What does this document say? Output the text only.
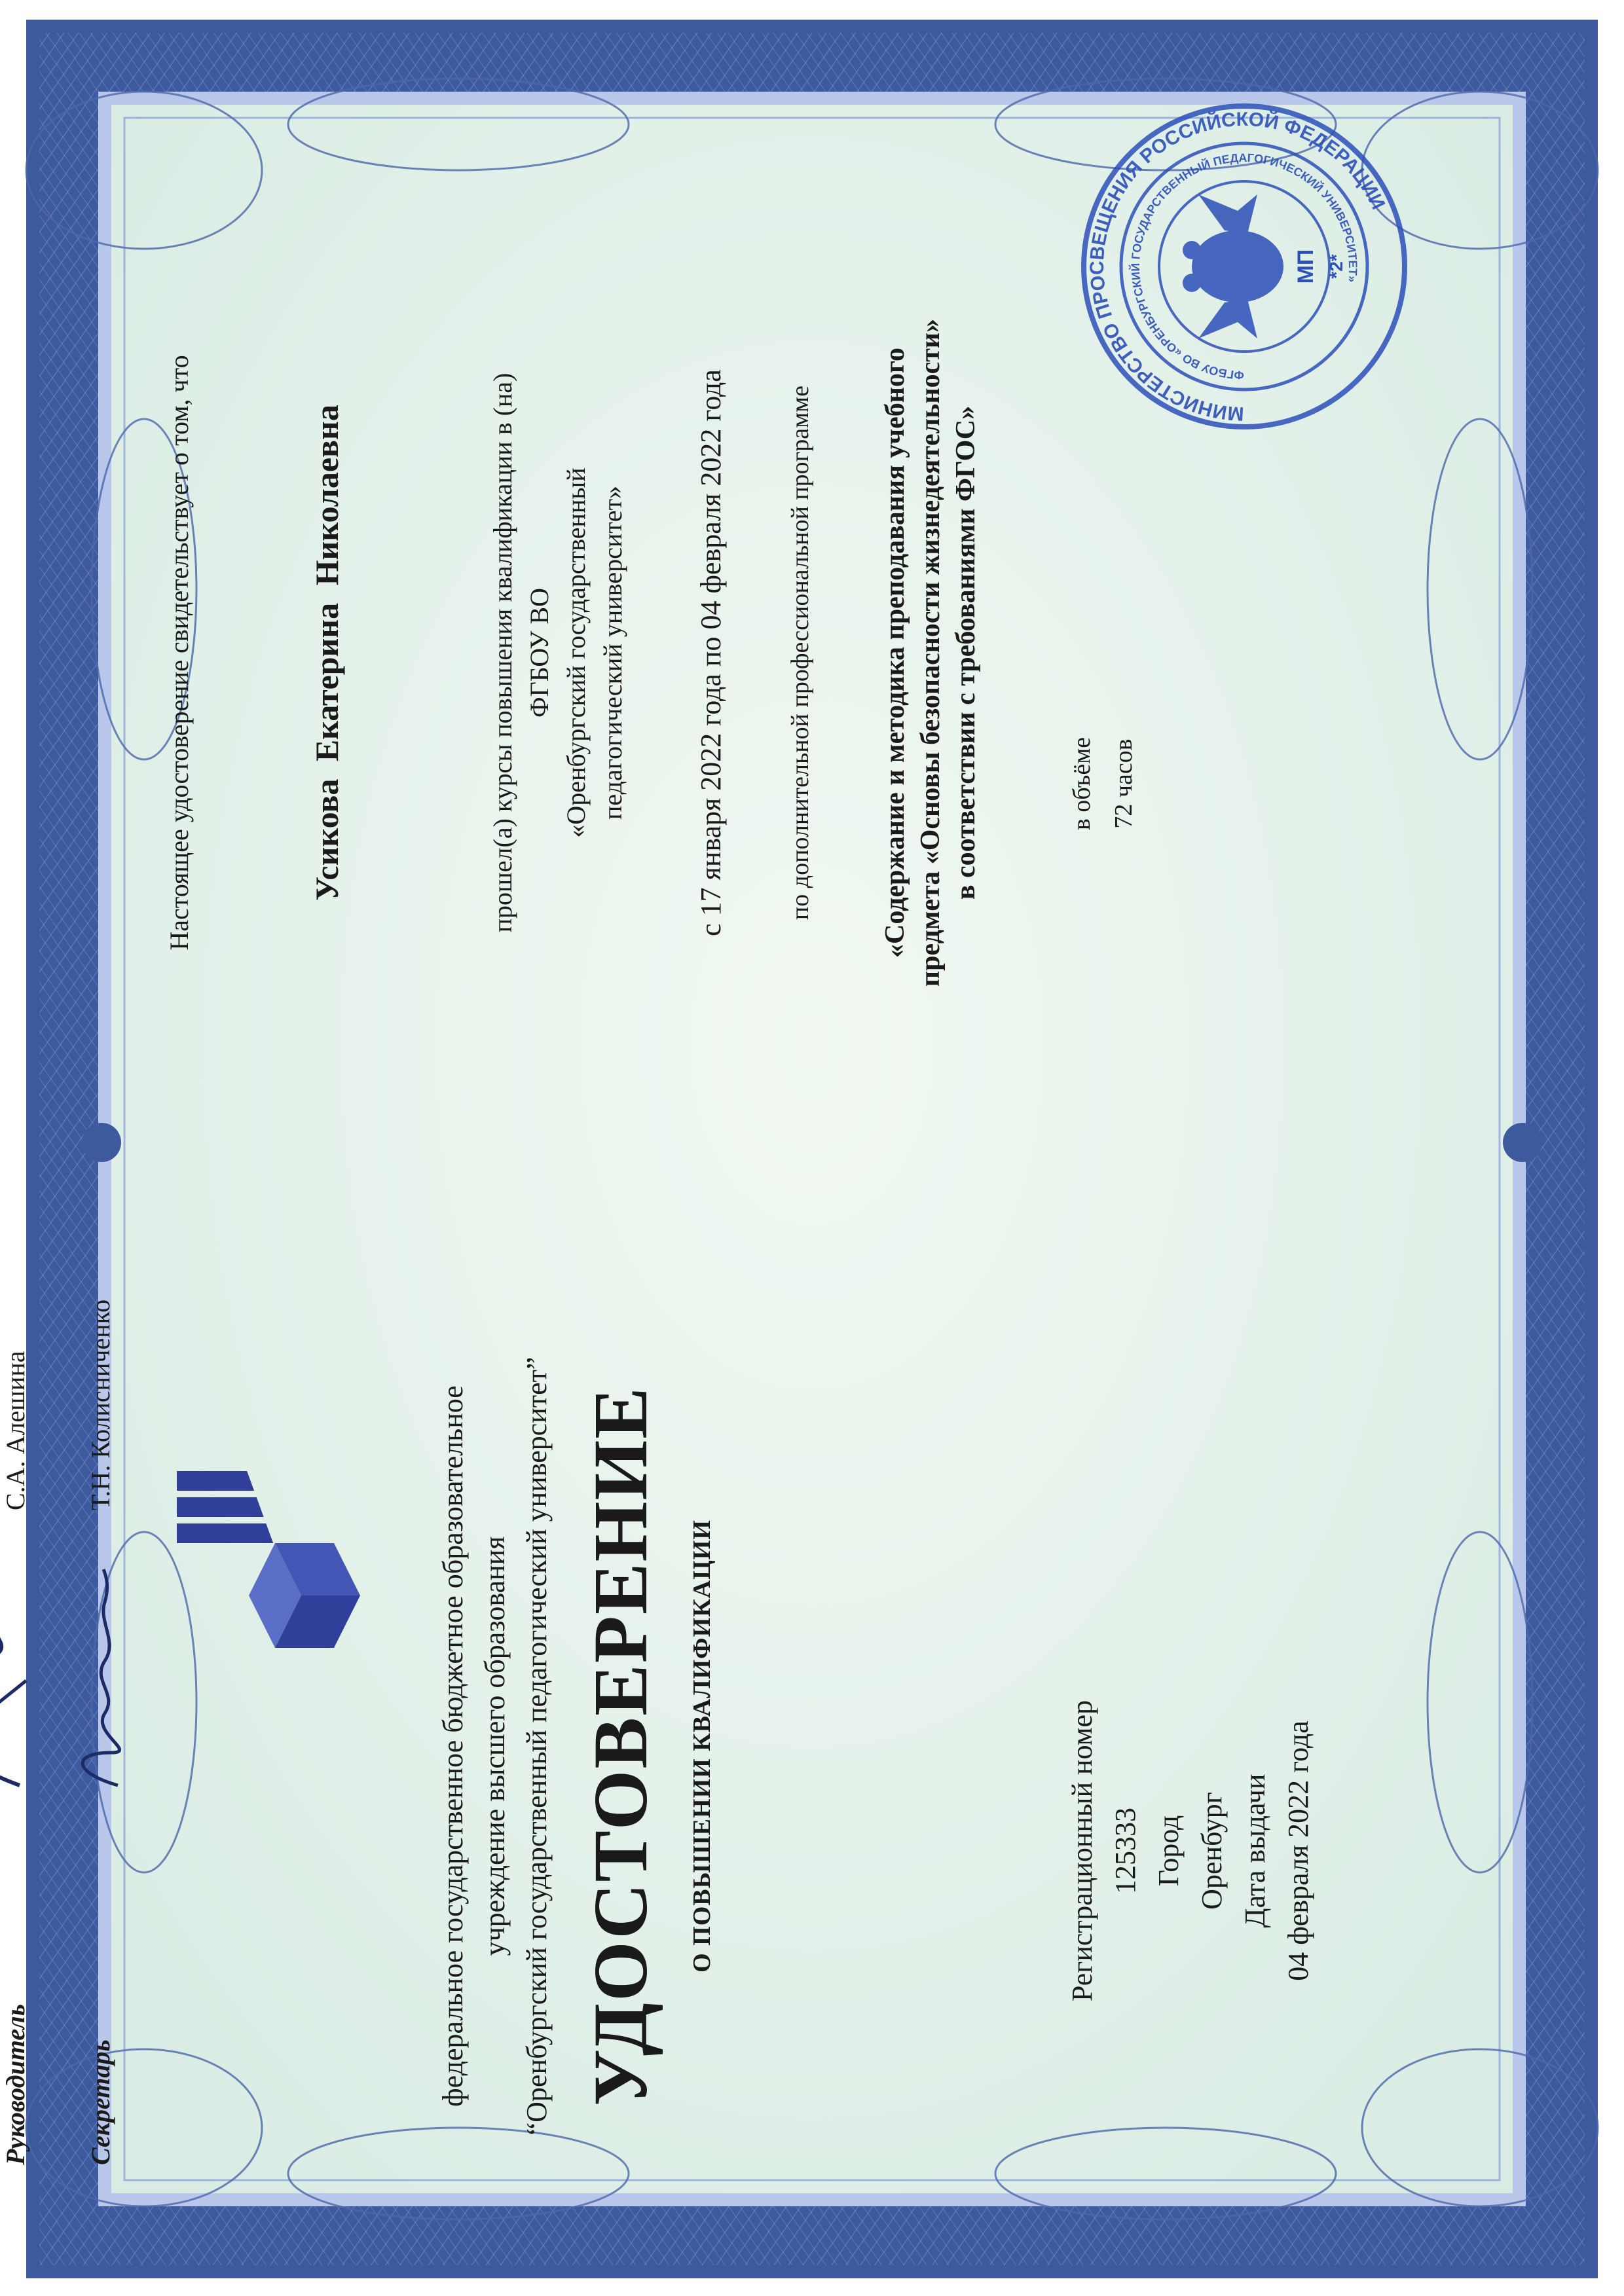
федеральное государственное бюджетное образовательное учреждение высшего образования “Оренбургский государственный педагогический университет” УДОСТОВЕРЕНИЕ О ПОВЫШЕНИИ КВАЛИФИКАЦИИ	Регистрационный номер 125333 Город Оренбург Дата выдачи 04 февраля 2022 года
Настоящее удостоверение свидетельствует о том, что	Усикова Екатерина Николаевна	прошел(а) курсы повышения квалификации в (на) ФГБОУ ВО «Оренбургский государственный педагогический университет» с 17 января 2022 года по 04 февраля 2022 года по дополнительной профессиональной программе «Содержание и методика преподавания учебного предмета «Основы безопасности жизнедеятельности» в соответствии с требованиями ФГОС»	в объёме 72 часов
Руководитель
С.А. Алешина
Секретарь
Т.Н. Колисниченко
МИНИСТЕРСТВО ПРОСВЕЩЕНИЯ РОССИЙСКОЙ ФЕДЕРАЦИИ
ФГБОУ ВО «ОРЕНБУРГСКИЙ ГОСУДАРСТВЕННЫЙ ПЕДАГОГИЧЕСКИЙ УНИВЕРСИТЕТ»
МП *2*
